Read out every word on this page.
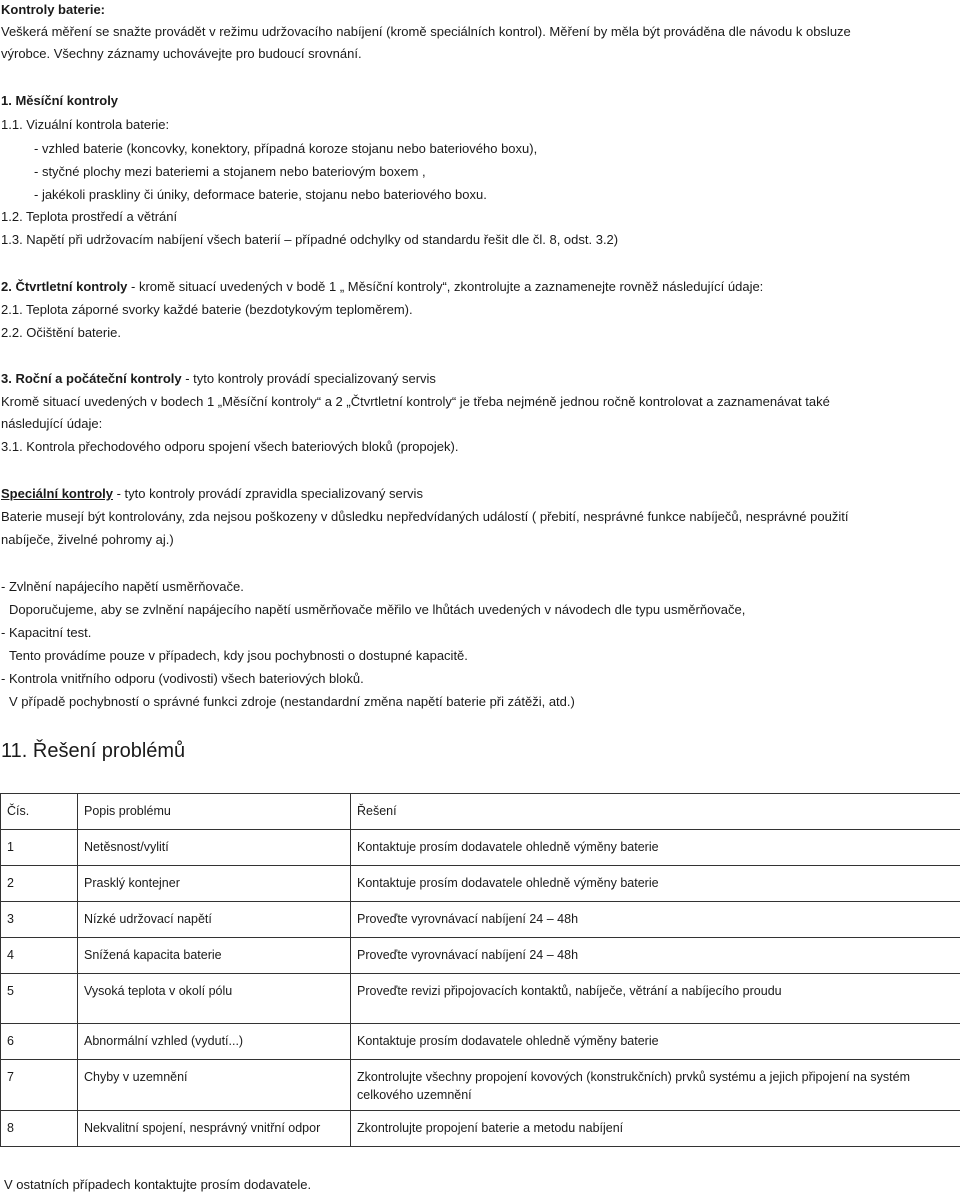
Kontroly baterie:
Veškerá měření se snažte provádět v režimu udržovacího nabíjení (kromě speciálních kontrol). Měření by měla být prováděna dle návodu k obsluze
výrobce. Všechny záznamy uchovávejte pro budoucí srovnání.
1. Měsíční kontroly
1.1. Vizuální kontrola baterie:
- vzhled baterie (koncovky, konektory, případná koroze stojanu nebo bateriového boxu),
- styčné plochy mezi bateriemi a stojanem nebo bateriovým boxem ,
- jakékoli praskliny či úniky, deformace baterie, stojanu nebo bateriového boxu.
1.2. Teplota prostředí a větrání
1.3. Napětí při udržovacím nabíjení všech baterií – případné odchylky od standardu řešit dle čl. 8, odst. 3.2)
2. Čtvrtletní kontroly - kromě situací uvedených v bodě 1 „ Měsíční kontroly“, zkontrolujte a zaznamenejte rovněž následující údaje:
2.1. Teplota záporné svorky každé baterie (bezdotykovým teploměrem).
2.2. Očištění baterie.
3. Roční a počáteční kontroly - tyto kontroly provádí specializovaný servis
Kromě situací uvedených v bodech 1 „Měsíční kontroly“ a 2 „Čtvrtletní kontroly“ je třeba nejméně jednou ročně kontrolovat a zaznamenávat také
následující údaje:
3.1. Kontrola přechodového odporu spojení všech bateriových bloků (propojek).
Speciální kontroly - tyto kontroly provádí zpravidla specializovaný servis
Baterie musejí být kontrolovány, zda nejsou poškozeny v důsledku nepředvídaných událostí ( přebití, nesprávné funkce nabíječů, nesprávné použití
nabíječe, živelné pohromy aj.)
- Zvlnění napájecího napětí usměrňovače.
Doporučujeme, aby se zvlnění napájecího napětí usměrňovače měřilo ve lhůtách uvedených v návodech dle typu usměrňovače,
- Kapacitní test.
Tento provádíme pouze v případech, kdy jsou pochybnosti o dostupné kapacitě.
- Kontrola vnitřního odporu (vodivosti) všech bateriových bloků.
V případě pochybností o správné funkci zdroje (nestandardní změna napětí baterie při zátěži, atd.)
11. Řešení problémů
Čís.	Popis problému	Řešení
1	Netěsnost/vylití	Kontaktuje prosím dodavatele ohledně výměny baterie
2	Prasklý kontejner	Kontaktuje prosím dodavatele ohledně výměny baterie
3	Nízké udržovací napětí	Proveďte vyrovnávací nabíjení 24 – 48h
4	Snížená kapacita baterie	Proveďte vyrovnávací nabíjení 24 – 48h
5	Vysoká teplota v okolí pólu	Proveďte revizi připojovacích kontaktů, nabíječe, větrání a nabíjecího proudu
6	Abnormální vzhled (vydutí...)	Kontaktuje prosím dodavatele ohledně výměny baterie
7	Chyby v uzemnění	Zkontrolujte všechny propojení kovových (konstrukčních) prvků systému a jejich připojení na systém celkového uzemnění
8	Nekvalitní spojení, nesprávný vnitřní odpor	Zkontrolujte propojení baterie a metodu nabíjení
V ostatních případech kontaktujte prosím dodavatele.
